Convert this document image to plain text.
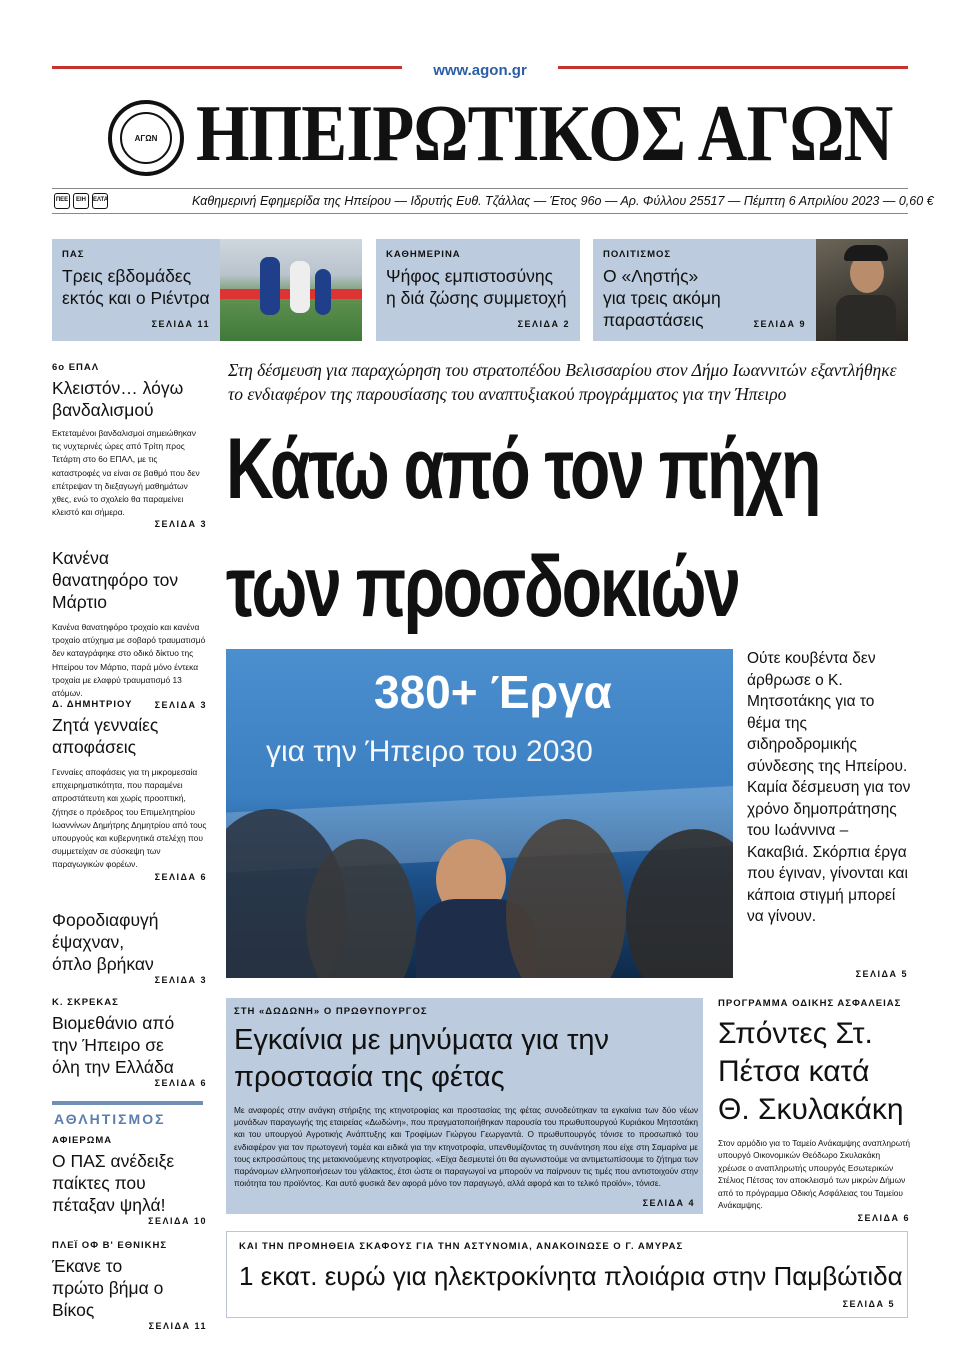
www.agon.gr
ΑΓΩΝ ΗΠΕΙΡΩΤΙΚΟΣ ΑΓΩΝ
ΠΕΕ	ΕΙΗ	ΕΛΤΑ	Καθημερινή Εφημερίδα της Ηπείρου — Ιδρυτής Ευθ. Τζάλλας — Έτος 96ο — Αρ. Φύλλου 25517 — Πέμπτη 6 Απριλίου 2023 — 0,60 €
ΠΑΣ
Τρεις εβδομάδες
εκτός και ο Ριέντρα
ΣΕΛΙΔΑ 11
ΚΑΘΗΜΕΡΙΝΑ
Ψήφος εμπιστοσύνης
η διά ζώσης συμμετοχή
ΣΕΛΙΔΑ 2
ΠΟΛΙΤΙΣΜΟΣ
Ο «Ληστής»
για τρεις ακόμη παραστάσεις	ΣΕΛΙΔΑ 9
6ο ΕΠΑΛ
Κλειστόν… λόγω βανδαλισμού
Εκτεταμένοι βανδαλισμοί σημειώθηκαν τις νυχτερινές ώρες από Τρίτη προς Τετάρτη στο 6ο ΕΠΑΛ, με τις καταστροφές να είναι σε βαθμό που δεν επέτρεψαν τη διεξαγωγή μαθημάτων χθες, ενώ το σχολείο θα παραμείνει κλειστό και σήμερα.
ΣΕΛΙΔΑ 3
Κανένα θανατηφόρο τον Μάρτιο
Κανένα θανατηφόρο τροχαίο και κανένα τροχαίο ατύχημα με σοβαρό τραυματισμό δεν καταγράφηκε στο οδικό δίκτυο της Ηπείρου τον Μάρτιο, παρά μόνο έντεκα τροχαία με ελαφρύ τραυματισμό 13 ατόμων.
ΣΕΛΙΔΑ 3
Δ. ΔΗΜΗΤΡΙΟΥ
Ζητά γενναίες αποφάσεις
Γενναίες αποφάσεις για τη μικρομεσαία επιχειρηματικότητα, που παραμένει απροστάτευτη και χωρίς προοπτική, ζήτησε ο πρόεδρος του Επιμελητηρίου Ιωαννίνων Δημήτρης Δημητρίου από τους υπουργούς και κυβερνητικά στελέχη που συμμετείχαν σε σύσκεψη των παραγωγικών φορέων.
ΣΕΛΙΔΑ 6
Φοροδιαφυγή έψαχναν, όπλο βρήκαν
ΣΕΛΙΔΑ 3
Κ. ΣΚΡΕΚΑΣ
Βιομεθάνιο από την Ήπειρο σε όλη την Ελλάδα
ΣΕΛΙΔΑ 6
ΑΘΛΗΤΙΣΜΟΣ
ΑΦΙΕΡΩΜΑ
Ο ΠΑΣ ανέδειξε παίκτες που πέταξαν ψηλά!
ΣΕΛΙΔΑ 10
ΠΛΕΪ ΟΦ Β' ΕΘΝΙΚΗΣ
Έκανε το πρώτο βήμα ο Βίκος
ΣΕΛΙΔΑ 11
Στη δέσμευση για παραχώρηση του στρατοπέδου Βελισσαρίου στον Δήμο Ιωαννιτών εξαντλήθηκε το ενδιαφέρον της παρουσίασης του αναπτυξιακού προγράμματος για την Ήπειρο
Κάτω από τον πήχη
των προσδοκιών
380+ Έργα
για την Ήπειρο του 2030
Ούτε κουβέντα δεν άρθρωσε ο Κ. Μητσοτάκης για το θέμα της σιδηροδρομικής σύνδεσης της Ηπείρου. Καμία δέσμευση για τον χρόνο δημοπράτησης του Ιωάννινα – Κακαβιά. Σκόρπια έργα που έγιναν, γίνονται και κάποια στιγμή μπορεί να γίνουν.
ΣΕΛΙΔΑ 5
ΣΤΗ «ΔΩΔΩΝΗ» Ο ΠΡΩΘΥΠΟΥΡΓΟΣ
Εγκαίνια με μηνύματα για την προστασία της φέτας
Με αναφορές στην ανάγκη στήριξης της κτηνοτροφίας και προστασίας της φέτας συνοδεύτηκαν τα εγκαίνια των δύο νέων μονάδων παραγωγής της εταιρείας «Δωδώνη», που πραγματοποιήθηκαν παρουσία του πρωθυπουργού Κυριάκου Μητσοτάκη και του υπουργού Αγροτικής Ανάπτυξης και Τροφίμων Γιώργου Γεωργαντά. Ο πρωθυπουργός τόνισε το προσωπικό του ενδιαφέρον για τον πρωτογενή τομέα και ειδικά για την κτηνοτροφία, υπενθυμίζοντας τη συνάντηση που είχε στη Σαμαρίνα με τους εκπροσώπους της μετακινούμενης κτηνοτροφίας. «Είχα δεσμευτεί ότι θα αγωνιστούμε να αντιμετωπίσουμε το ζήτημα των παράνομων ελληνοποιήσεων του γάλακτος, έτσι ώστε οι παραγωγοί να μπορούν να παίρνουν τις τιμές που αντιστοιχούν στην ποιότητα του προϊόντος. Και αυτό φυσικά δεν αφορά μόνο τον παραγωγό, αλλά αφορά και το τελικό προϊόν», τόνισε.
ΣΕΛΙΔΑ 4
ΠΡΟΓΡΑΜΜΑ ΟΔΙΚΗΣ ΑΣΦΑΛΕΙΑΣ
Σπόντες Στ. Πέτσα κατά Θ. Σκυλακάκη
Στον αρμόδιο για το Ταμείο Ανάκαμψης αναπληρωτή υπουργό Οικονομικών Θεόδωρο Σκυλακάκη χρέωσε ο αναπληρωτής υπουργός Εσωτερικών Στέλιος Πέτσας τον αποκλεισμό των μικρών Δήμων από το πρόγραμμα Οδικής Ασφάλειας του Ταμείου Ανάκαμψης.
ΣΕΛΙΔΑ 6
ΚΑΙ ΤΗΝ ΠΡΟΜΗΘΕΙΑ ΣΚΑΦΟΥΣ ΓΙΑ ΤΗΝ ΑΣΤΥΝΟΜΙΑ, ΑΝΑΚΟΙΝΩΣΕ Ο Γ. ΑΜΥΡΑΣ
1 εκατ. ευρώ για ηλεκτροκίνητα πλοιάρια στην Παμβώτιδα
ΣΕΛΙΔΑ 5
